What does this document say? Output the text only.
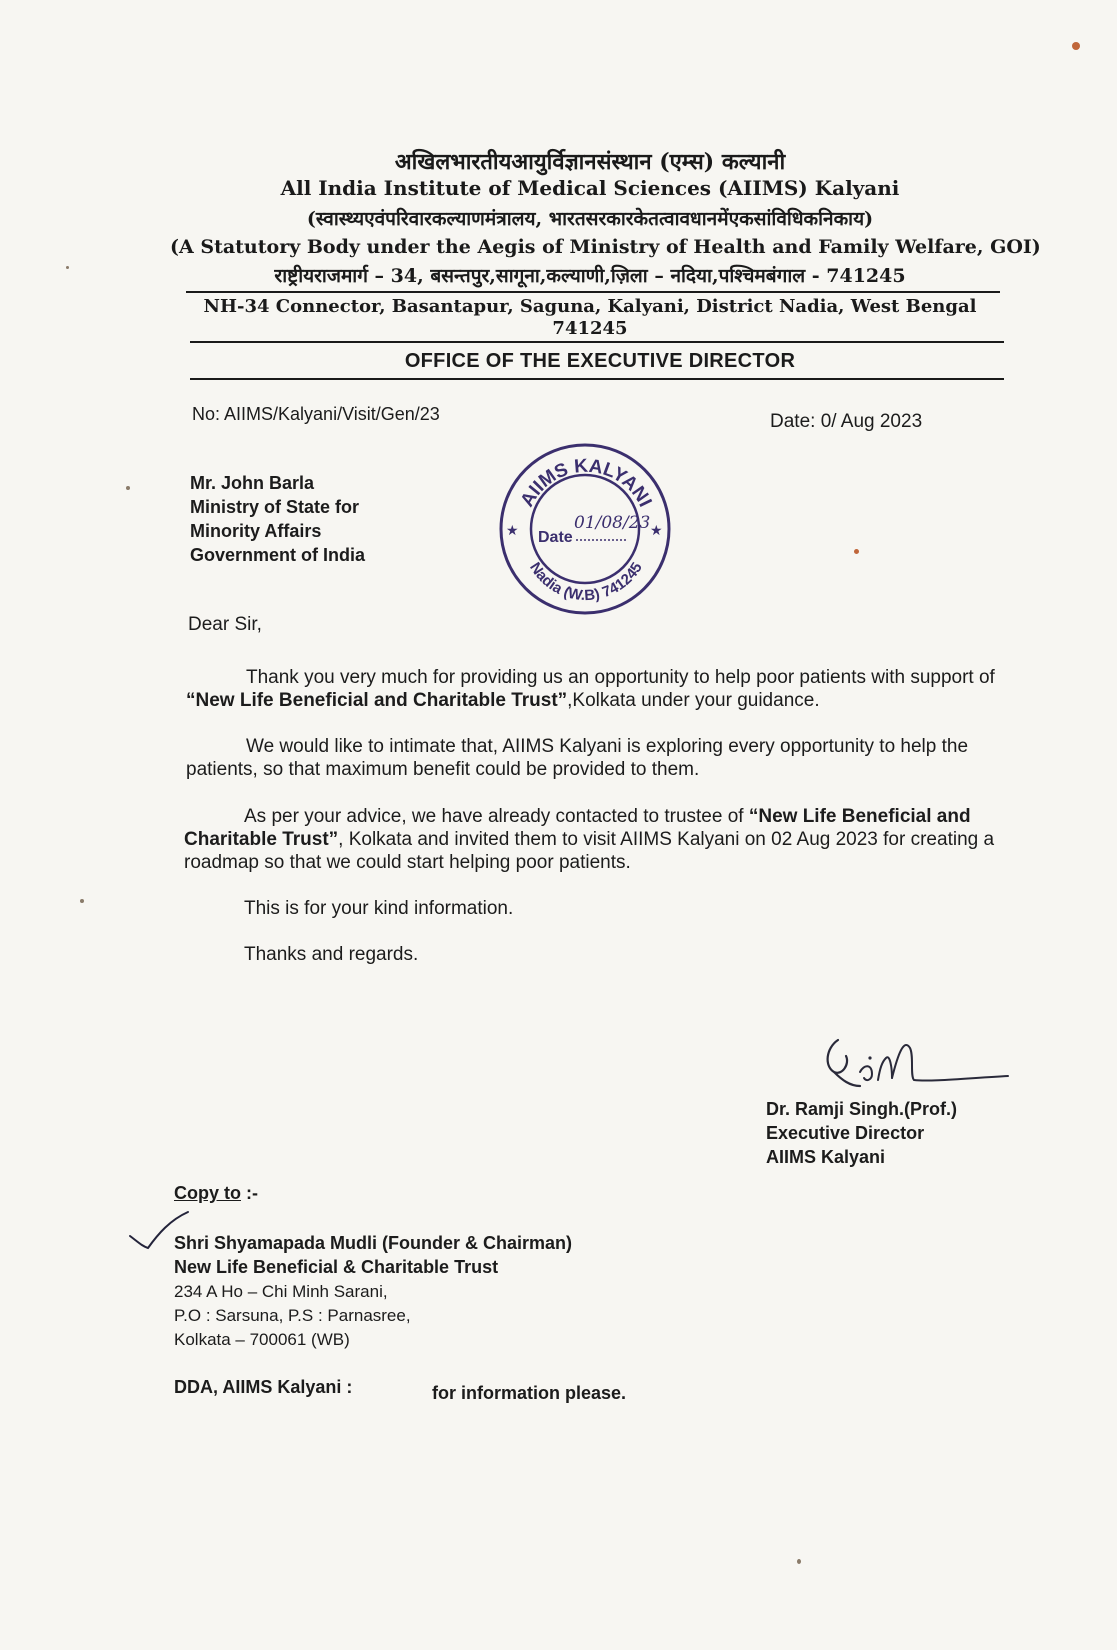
अखिलभारतीयआयुर्विज्ञानसंस्थान (एम्स) कल्यानी
All India Institute of Medical Sciences (AIIMS) Kalyani
(स्वास्थ्यएवंपरिवारकल्याणमंत्रालय, भारतसरकारकेतत्वावधानमेंएकसांविधिकनिकाय)
(A Statutory Body under the Aegis of Ministry of Health and Family Welfare, GOI)
राष्ट्रीयराजमार्ग – 34, बसन्तपुर,सागूना,कल्याणी,ज़िला – नदिया,पश्चिमबंगाल - 741245
NH-34 Connector, Basantapur, Saguna, Kalyani, District Nadia, West Bengal
741245
OFFICE OF THE EXECUTIVE DIRECTOR
No: AIIMS/Kalyani/Visit/Gen/23	Date: 0/ Aug 2023
Mr. John Barla
Ministry of State for
Minority Affairs
Government of India
AIIMS KALYANI
Nadia (W.B) 741245
★	★
Date
01/08/23
Dear Sir,
Thank you very much for providing us an opportunity to help poor patients with support of “New Life Beneficial and Charitable Trust”,Kolkata under your guidance.
We would like to intimate that, AIIMS Kalyani is exploring every opportunity to help the patients, so that maximum benefit could be provided to them.
As per your advice, we have already contacted to trustee of “New Life Beneficial and Charitable Trust”, Kolkata and invited them to visit AIIMS Kalyani on 02 Aug 2023 for creating a roadmap so that we could start helping poor patients.
This is for your kind information.
Thanks and regards.
Dr. Ramji Singh.(Prof.)
Executive Director
AIIMS Kalyani
Copy to :-
Shri Shyamapada Mudli (Founder & Chairman)
New Life Beneficial & Charitable Trust
234 A Ho – Chi Minh Sarani,
P.O : Sarsuna, P.S : Parnasree,
Kolkata – 700061 (WB)
DDA, AIIMS Kalyani :	for information please.
